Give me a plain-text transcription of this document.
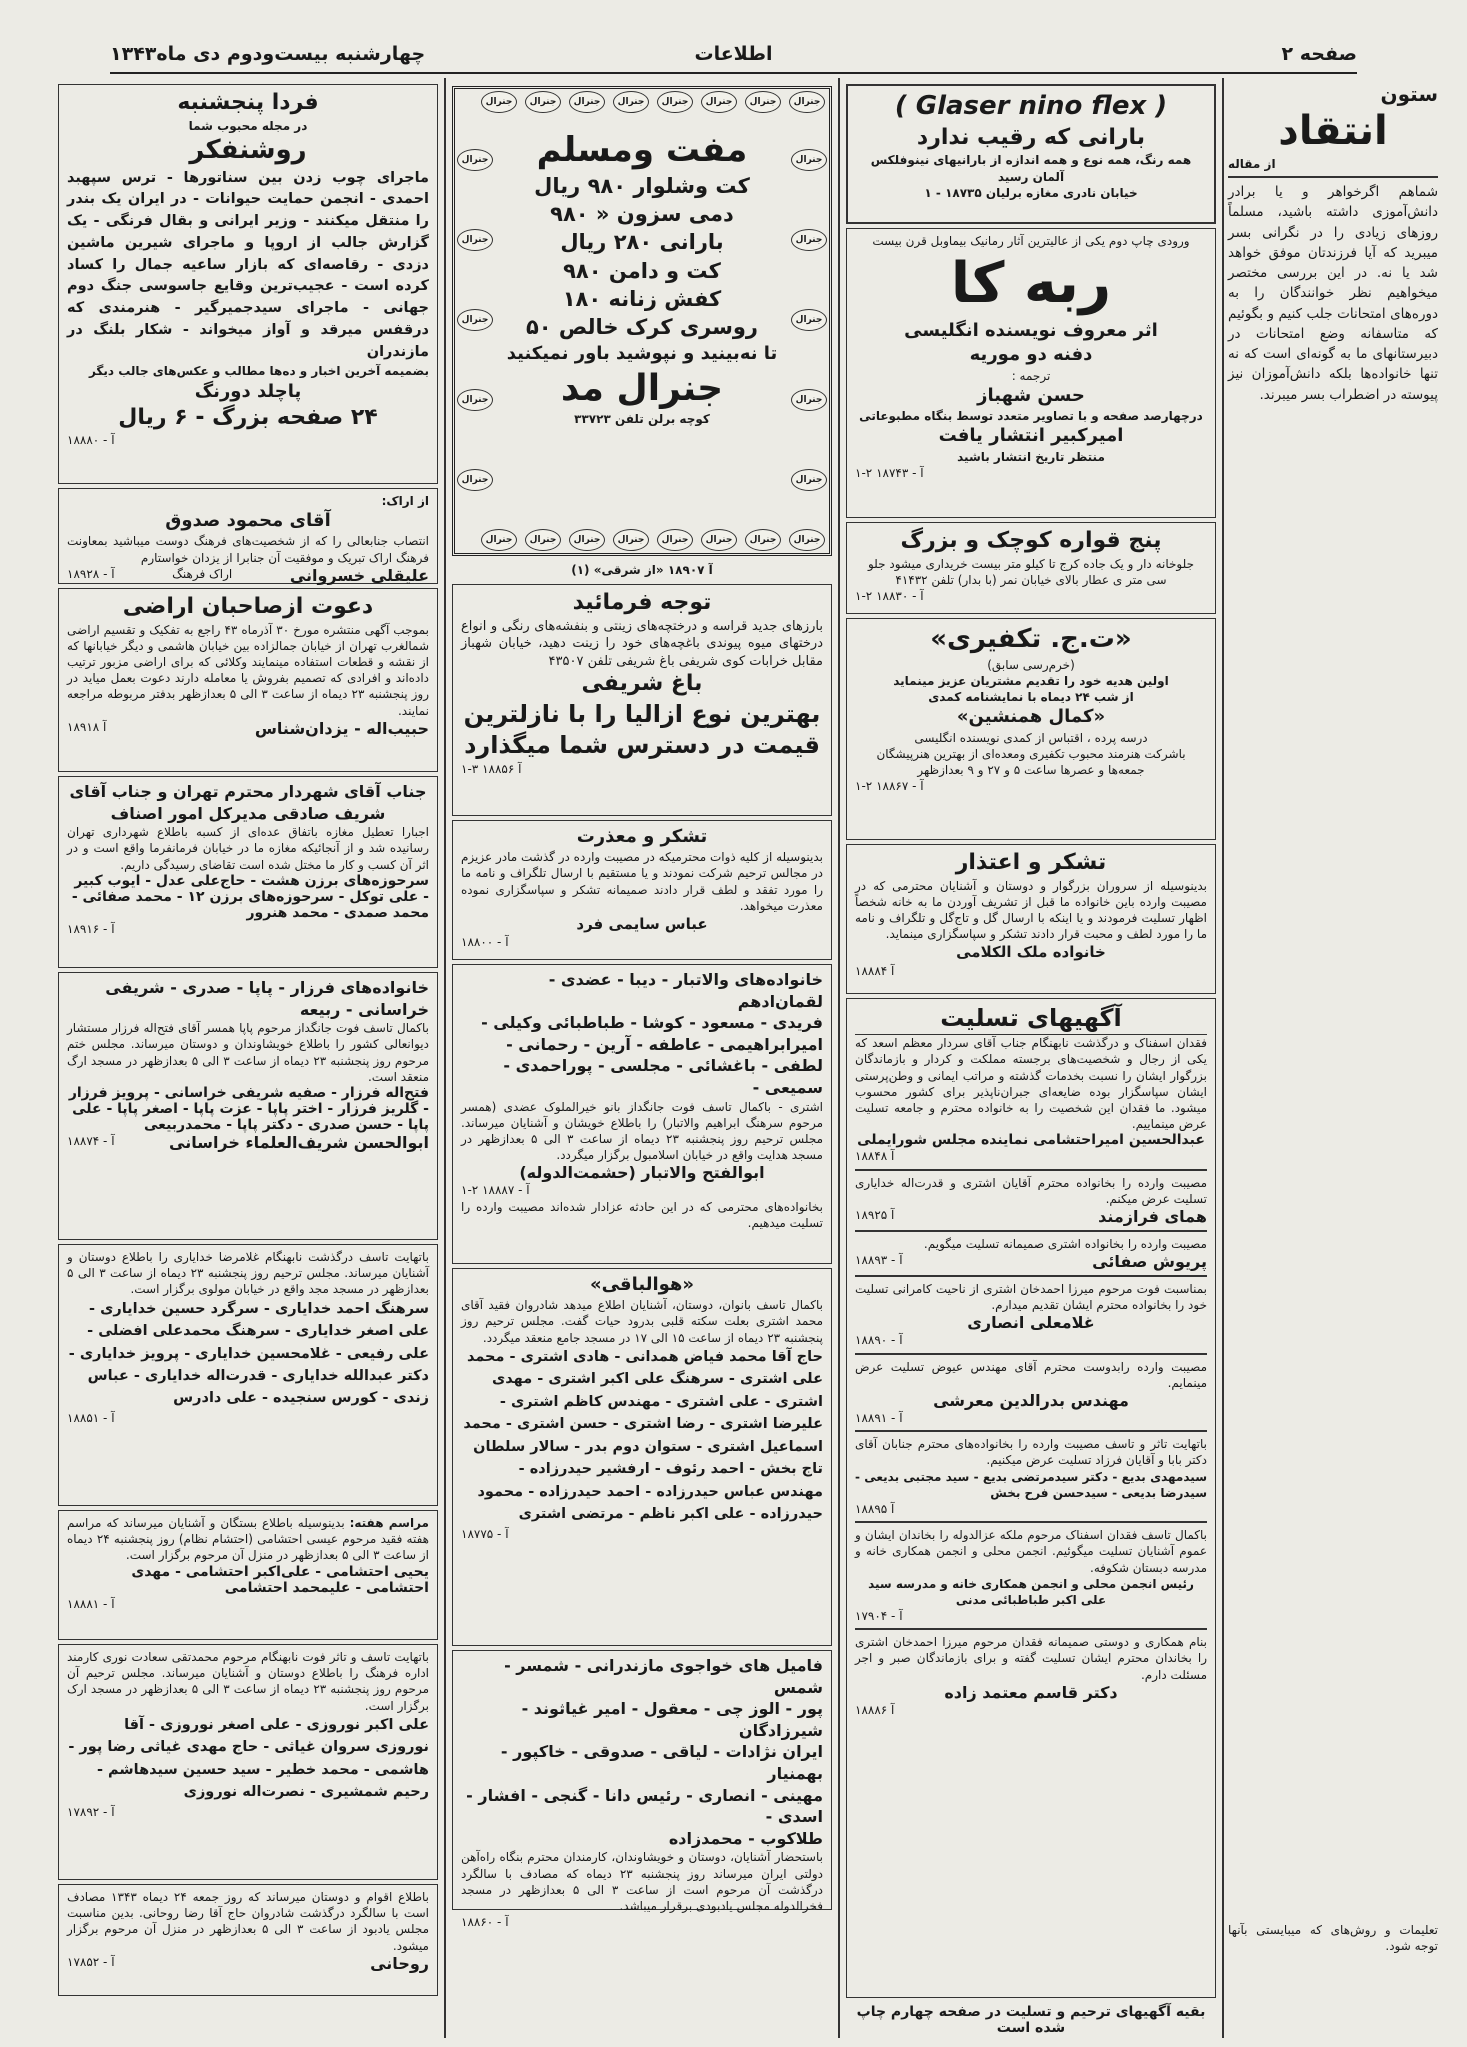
صفحه ۲
اطلاعات
چهارشنبه بیست‌ودوم دی ماه۱۳۴۳
ستون
انتقاد
از مقاله
شماهم اگرخواهر و یا برادر دانش‌آموزی داشته باشید، مسلماً روزهای زیادی را در نگرانی بسر میبرید که آیا فرزندتان موفق خواهد شد یا نه. در این بررسی مختصر میخواهیم نظر خوانندگان را به دوره‌های امتحانات جلب کنیم و بگوئیم که متاسفانه وضع امتحانات در دبیرستانهای ما به گونه‌ای است که نه تنها خانواده‌ها بلکه دانش‌آموزان نیز پیوسته در اضطراب بسر میبرند.
تعلیمات و روش‌های که میبایستی بآنها توجه شود.
( Glaser nino flex )
بارانی که رقیب ندارد
همه رنگ، همه نوع و همه اندازه از بارانیهای نینوفلکس آلمان رسید
خیابان نادری مغازه برلیان ۱۸۷۳۵ - ۱
ورودی چاپ دوم یکی از عالیترین آثار رمانیک بیماوبل قرن بیست
ربه کا
اثر معروف نویسنده انگلیسی
دفنه دو موریه
ترجمه :
حسن شهباز
درچهارصد صفحه و با تصاویر متعدد توسط بنگاه مطبوعاتی
امیرکبیر انتشار یافت
منتظر تاریخ انتشار باشید
آ - ۱۸۷۴۳ ۲-۱
پنج قواره کوچک و بزرگ
جلوخانه دار و یک جاده کرج تا کیلو متر بیست خریداری میشود جلو
سی متر ی عطار بالای خیابان نمر (با بدار) تلفن ۴۱۴۳۲
آ - ۱۸۸۳۰ ۲-۱
«ت.ج. تکفیری»
(خرم‌رسی سابق)
اولین هدیه خود را تقدیم مشتریان عزیز مینماید
از شب ۲۴ دیماه با نمایشنامه کمدی
«کمال همنشین»
درسه پرده ، اقتباس از کمدی نویسنده انگلیسی
باشرکت هنرمند محبوب تکفیری ومعده‌ای از بهترین هنرپیشگان
جمعه‌ها و عصرها ساعت ۵ و ۲۷ و ۹ بعدازظهر
آ - ۱۸۸۶۷ ۲-۱
تشکر و اعتذار
بدینوسیله از سروران بزرگوار و دوستان و آشنایان محترمی که در مصیبت وارده باین خانواده ما قبل از تشریف آوردن ما به خانه شخصاً اظهار تسلیت فرمودند و یا اینکه با ارسال گل و تاج‌گل و تلگراف و نامه ما را مورد لطف و محبت قرار دادند تشکر و سپاسگزاری مینماید.
خانواده ملک الکلامی
آ ۱۸۸۸۴
آگهیهای تسلیت
فقدان اسفناک و درگذشت نابهنگام جناب آقای سردار معظم اسعد که یکی از رجال و شخصیت‌های برجسته مملکت و کردار و بازماندگان بزرگوار ایشان را نسبت بخدمات گذشته و مراتب ایمانی و وطن‌پرستی ایشان سپاسگزار بوده ضایعه‌ای جبران‌ناپذیر برای کشور محسوب میشود. ما فقدان این شخصیت را به خانواده محترم و جامعه تسلیت عرض مینماییم.
عبدالحسین امیراحتشامی نماینده مجلس شورایملی
آ ۱۸۸۴۸
مصیبت وارده را بخانواده محترم آقایان اشتری و قدرت‌اله خدایاری تسلیت عرض میکنم.
همای فرازمند
آ ۱۸۹۲۵
مصیبت وارده را بخانواده اشتری صمیمانه تسلیت میگویم.
پریوش صفائی
آ - ۱۸۸۹۳
بمناسبت فوت مرحوم میرزا احمدخان اشتری از ناحیت کامرانی تسلیت خود را بخانواده محترم ایشان تقدیم میدارم.
غلامعلی انصاری
آ - ۱۸۸۹۰
مصیبت وارده رابدوست محترم آقای مهندس عیوض تسلیت عرض مینمایم.
مهندس بدرالدین معرشی
آ - ۱۸۸۹۱
باتهایت تاثر و تاسف مصیبت وارده را بخانواده‌های محترم جنابان آقای دکتر بابا و آقایان فرزاد تسلیت عرض میکنیم.
سیدمهدی بدیع - دکتر سیدمرتضی بدیع - سید مجتبی بدیعی - سیدرضا بدیعی - سیدحسن فرح بخش
آ ۱۸۸۹۵
باکمال تاسف فقدان اسفناک مرحوم ملکه عزالدوله را بخاندان ایشان و عموم آشنایان تسلیت میگوئیم. انجمن محلی و انجمن همکاری خانه و مدرسه دبستان شکوفه.
رئیس انجمن محلی و انجمن همکاری خانه و مدرسه سید علی اکبر طباطبائی مدنی
آ - ۱۷۹۰۴
بنام همکاری و دوستی صمیمانه فقدان مرحوم میرزا احمدخان اشتری را بخاندان محترم ایشان تسلیت گفته و برای بازماندگان صبر و اجر مسئلت دارم.
دکتر قاسم معتمد زاده
آ ۱۸۸۸۶
بقیه آگهیهای ترحیم و تسلیت در صفحه چهارم چاپ شده است
جنرال
جنرال
جنرال
جنرال
جنرال
جنرال
جنرال
جنرال
جنرال
جنرال
جنرال
جنرال
جنرال
جنرال
جنرال
جنرال
جنرال
جنرال
جنرال
جنرال
جنرال
جنرال
جنرال
جنرال
جنرال
جنرال
مفت ومسلم
کت وشلوار ۹۸۰ ریال
دمی سزون « ۹۸۰
بارانی ۲۸۰ ریال
کت و دامن ۹۸۰
کفش زنانه ۱۸۰
روسری کرک خالص ۵۰
تا نه‌بینید و نپوشید باور نمیکنید
جنرال مد
کوچه برلن تلفن ۳۳۷۲۳
آ ۱۸۹۰۷ «از شرقی» (۱)
توجه فرمائید
بارزهای جدید قراسه و درختچه‌های زینتی و بنفشه‌های رنگی و انواع درختهای میوه پیوندی باغچه‌های خود را زینت دهید، خیابان شهباز مقابل خرابات کوی شریفی باغ شریفی تلفن ۴۳۵۰۷
باغ شریفی
بهترین نوع ازالیا را با نازلترین قیمت در دسترس شما میگذارد
آ ۱۸۸۵۶ ۳-۱
تشکر و معذرت
بدینوسیله از کلیه ذوات محترمیکه در مصیبت وارده در گذشت مادر عزیزم در مجالس ترحیم شرکت نمودند و یا مستقیم با ارسال تلگراف و نامه ما را مورد تفقد و لطف قرار دادند صمیمانه تشکر و سپاسگزاری نموده معذرت میخواهد.
عباس سایمی فرد
آ - ۱۸۸۰۰
خانواده‌های والاتبار - دیبا - عضدی - لقمان‌ادهم
فریدی - مسعود - کوشا - طباطبائی وکیلی -
امیرابراهیمی - عاطفه - آرین - رحمانی -
لطفی - باغشائی - مجلسی - پوراحمدی - سمیعی -
اشتری - باکمال تاسف فوت جانگداز بانو خیرالملوک عضدی (همسر مرحوم سرهنگ ابراهیم والاتبار) را باطلاع خویشان و آشنایان میرساند. مجلس ترحیم روز پنجشنبه ۲۳ دیماه از ساعت ۳ الی ۵ بعدازظهر در مسجد هدایت واقع در خیابان اسلامبول برگزار میگردد.
ابوالفتح والاتبار (حشمت‌الدوله)
آ - ۱۸۸۸۷ ۲-۱
بخانواده‌های محترمی که در این حادثه عزادار شده‌اند مصیبت وارده را تسلیت میدهیم.
«هوالباقی»
باکمال تاسف بانوان، دوستان، آشنایان اطلاع میدهد شادروان فقید آقای محمد اشتری بعلت سکته قلبی بدرود حیات گفت. مجلس ترحیم روز پنجشنبه ۲۳ دیماه از ساعت ۱۵ الی ۱۷ در مسجد جامع منعقد میگردد.
حاج آقا محمد فیاض همدانی - هادی اشتری - محمد علی اشتری - سرهنگ علی اکبر اشتری - مهدی اشتری - علی اشتری - مهندس کاظم اشتری - علیرضا اشتری - رضا اشتری - حسن اشتری - محمد اسماعیل اشتری - ستوان دوم بدر - سالار سلطان تاج بخش - احمد رئوف - ارفشیر حیدرزاده - مهندس عباس حیدرزاده - احمد حیدرزاده - محمود حیدرزاده - علی اکبر ناظم - مرتضی اشتری
آ - ۱۸۷۷۵
فامیل های خواجوی مازندرانی - شمسر - شمس
پور - الوز چی - معقول - امیر غیاثوند - شیرزادگان
ایران نژادات - لیاقی - صدوقی - خاکپور - بهمنیار
مهینی - انصاری - رئیس دانا - گنجی - افشار - اسدی -
طلاکوب - محمدزاده
باستحضار آشنایان، دوستان و خویشاوندان، کارمندان محترم بنگاه راه‌آهن دولتی ایران میرساند روز پنجشنبه ۲۳ دیماه که مصادف با سالگرد درگذشت آن مرحوم است از ساعت ۳ الی ۵ بعدازظهر در مسجد فخرالدوله مجلس یادبودی برقرار میباشد.
آ - ۱۸۸۶۰
فردا پنجشنبه
در مجله محبوب شما
روشنفکر
ماجرای چوب زدن بین سناتورها - ترس سپهبد احمدی - انجمن حمایت حیوانات - در ایران یک بندر را منتقل میکنند - وزیر ایرانی و بقال فرنگی - یک گزارش جالب از اروپا و ماجرای شیرین ماشین دزدی - رقاصه‌ای که بازار ساعیه جمال را کساد کرده است - عجیب‌ترین وقایع جاسوسی جنگ دوم جهانی - ماجرای سیدجمیرگیر - هنرمندی که درقفس میرقد و آواز میخواند - شکار بلنگ در مازندران
بضمیمه آخرین اخبار و ده‌ها مطالب و عکس‌های جالب دیگر
پاچلد دورنگ
۲۴ صفحه بزرگ - ۶ ریال
آ - ۱۸۸۸۰
از اراک:
آقای محمود صدوق
انتصاب جنابعالی را که از شخصیت‌های فرهنگ دوست میباشید بمعاونت فرهنگ اراک تبریک و موفقیت آن جنابرا از یزدان خواستارم
علیقلی خسروانی
اراک فرهنگ
آ - ۱۸۹۲۸
دعوت ازصاحبان اراضی
بموجب آگهی منتشره مورخ ۳۰ آذرماه ۴۳ راجع به تفکیک و تقسیم اراضی شمالغرب تهران از خیابان جمالزاده بین خیابان هاشمی و دیگر خیابانها که از نقشه و قطعات استفاده مینمایند وکلائی که برای اراضی مزبور ترتیب داده‌اند و افرادی که تصمیم بفروش یا معامله دارند دعوت بعمل میاید در روز پنجشنبه ۲۳ دیماه از ساعت ۳ الی ۵ بعدازظهر بدفتر مربوطه مراجعه نمایند.
حبیب‌اله - یزدان‌شناس
آ ۱۸۹۱۸
جناب آقای شهردار محترم تهران و جناب آقای
شریف صادقی مدیرکل امور اصناف
اجبارا تعطیل مغازه باتفاق عده‌ای از کسبه باطلاع شهرداری تهران رسانیده شد و از آنجائیکه مغازه ما در خیابان فرمانفرما واقع است و در اثر آن کسب و کار ما مختل شده است تقاضای رسیدگی داریم.
سرحوزه‌های برزن هشت - حاج‌علی عدل - ایوب کبیر - علی توکل - سرحوزه‌های برزن ۱۲ - محمد صفائی - محمد صمدی - محمد هنرور
آ - ۱۸۹۱۶
خانواده‌های فرزار - پاپا - صدری - شریفی
خراسانی - ربیعه
باکمال تاسف فوت جانگداز مرحوم پاپا همسر آقای فتح‌اله فرزار مستشار دیوانعالی کشور را باطلاع خویشاوندان و دوستان میرساند. مجلس ختم مرحوم روز پنجشنبه ۲۳ دیماه از ساعت ۳ الی ۵ بعدازظهر در مسجد ارگ منعقد است.
فتح‌اله فرزار - صفیه شریفی خراسانی - پرویز فرزار - گلریز فرزار - اختر پاپا - عزت پاپا - اصغر پاپا - علی پاپا - حسن صدری - دکتر پاپا - محمدربیعی
ابوالحسن شریف‌العلماء خراسانی
آ - ۱۸۸۷۴
باتهایت تاسف درگذشت نابهنگام غلامرضا خدایاری را باطلاع دوستان و آشنایان میرساند. مجلس ترحیم روز پنجشنبه ۲۳ دیماه از ساعت ۳ الی ۵ بعدازظهر در مسجد مجد واقع در خیابان مولوی برگزار است.
سرهنگ احمد خدایاری - سرگرد حسین خدایاری - علی اصغر خدایاری - سرهنگ محمدعلی افضلی - علی رفیعی - غلامحسین خدایاری - پرویز خدایاری - دکتر عبدالله خدایاری - قدرت‌اله خدایاری - عباس زندی - کورس سنجیده - علی دادرس
آ - ۱۸۸۵۱
مراسم هفته: بدینوسیله باطلاع بستگان و آشنایان میرساند که مراسم هفته فقید مرحوم عیسی احتشامی (احتشام نظام) روز پنجشنبه ۲۴ دیماه از ساعت ۳ الی ۵ بعدازظهر در منزل آن مرحوم برگزار است.
یحیی احتشامی - علی‌اکبر احتشامی - مهدی احتشامی - علیمحمد احتشامی
آ - ۱۸۸۸۱
باتهایت تاسف و تاثر فوت نابهنگام مرحوم محمدتقی سعادت نوری کارمند اداره فرهنگ را باطلاع دوستان و آشنایان میرساند. مجلس ترحیم آن مرحوم روز پنجشنبه ۲۳ دیماه از ساعت ۳ الی ۵ بعدازظهر در مسجد ارک برگزار است.
علی اکبر نوروزی - علی اصغر نوروزی - آقا نوروزی سروان غیاثی - حاج مهدی غیاثی رضا پور - هاشمی - محمد خطیر - سید حسین سیدهاشم - رحیم شمشیری - نصرت‌اله نوروزی
آ - ۱۷۸۹۲
باطلاع اقوام و دوستان میرساند که روز جمعه ۲۴ دیماه ۱۳۴۳ مصادف است با سالگرد درگذشت شادروان حاج آقا رضا روحانی. بدین مناسبت مجلس یادبود از ساعت ۳ الی ۵ بعدازظهر در منزل آن مرحوم برگزار میشود.
روحانی
آ - ۱۷۸۵۲
